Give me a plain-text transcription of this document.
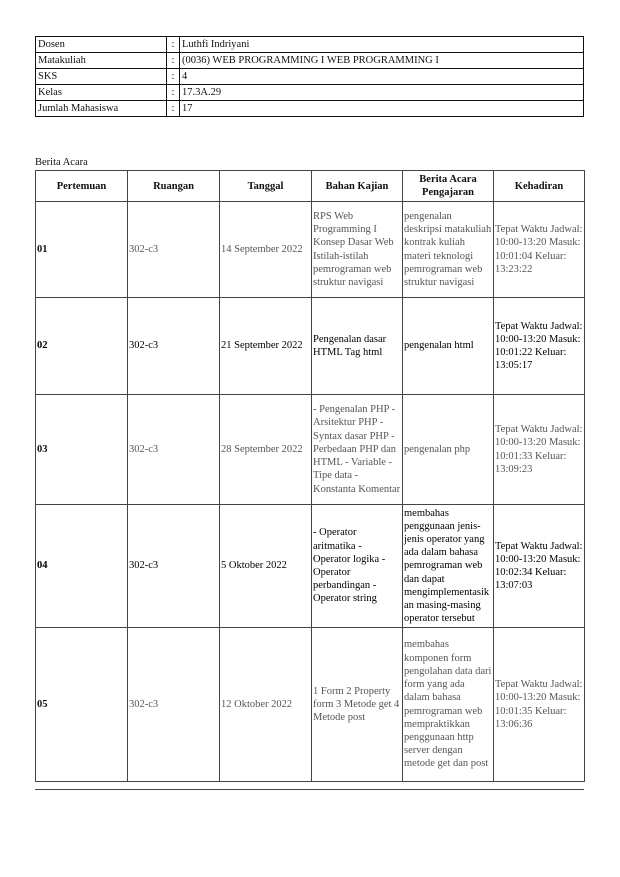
Dosen	:	Luthfi Indriyani
Matakuliah	:	(0036) WEB PROGRAMMING I WEB PROGRAMMING I
SKS	:	4
Kelas	:	17.3A.29
Jumlah Mahasiswa	:	17
Berita Acara
Pertemuan	Ruangan	Tanggal	Bahan Kajian	Berita Acara Pengajaran	Kehadiran
01	302-c3	14 September 2022	RPS Web Programming I Konsep Dasar Web Istilah-istilah pemrograman web struktur navigasi	pengenalan deskripsi matakuliah kontrak kuliah materi teknologi pemrograman web struktur navigasi	Tepat Waktu Jadwal: 10:00-13:20 Masuk: 10:01:04 Keluar: 13:23:22
02	302-c3	21 September 2022	Pengenalan dasar HTML Tag html	pengenalan html	Tepat Waktu Jadwal: 10:00-13:20 Masuk: 10:01:22 Keluar: 13:05:17
03	302-c3	28 September 2022	- Pengenalan PHP - Arsitektur PHP - Syntax dasar PHP - Perbedaan PHP dan HTML - Variable - Tipe data - Konstanta Komentar	pengenalan php	Tepat Waktu Jadwal: 10:00-13:20 Masuk: 10:01:33 Keluar: 13:09:23
04	302-c3	5 Oktober 2022	- Operator aritmatika - Operator logika - Operator perbandingan - Operator string	membahas penggunaan jenis-jenis operator yang ada dalam bahasa pemrograman web dan dapat mengimplementasikan masing-masing operator tersebut	Tepat Waktu Jadwal: 10:00-13:20 Masuk: 10:02:34 Keluar: 13:07:03
05	302-c3	12 Oktober 2022	1 Form 2 Property form 3 Metode get 4 Metode post	membahas komponen form pengolahan data dari form yang ada dalam bahasa pemrograman web mempraktikkan penggunaan http server dengan metode get dan post	Tepat Waktu Jadwal: 10:00-13:20 Masuk: 10:01:35 Keluar: 13:06:36
